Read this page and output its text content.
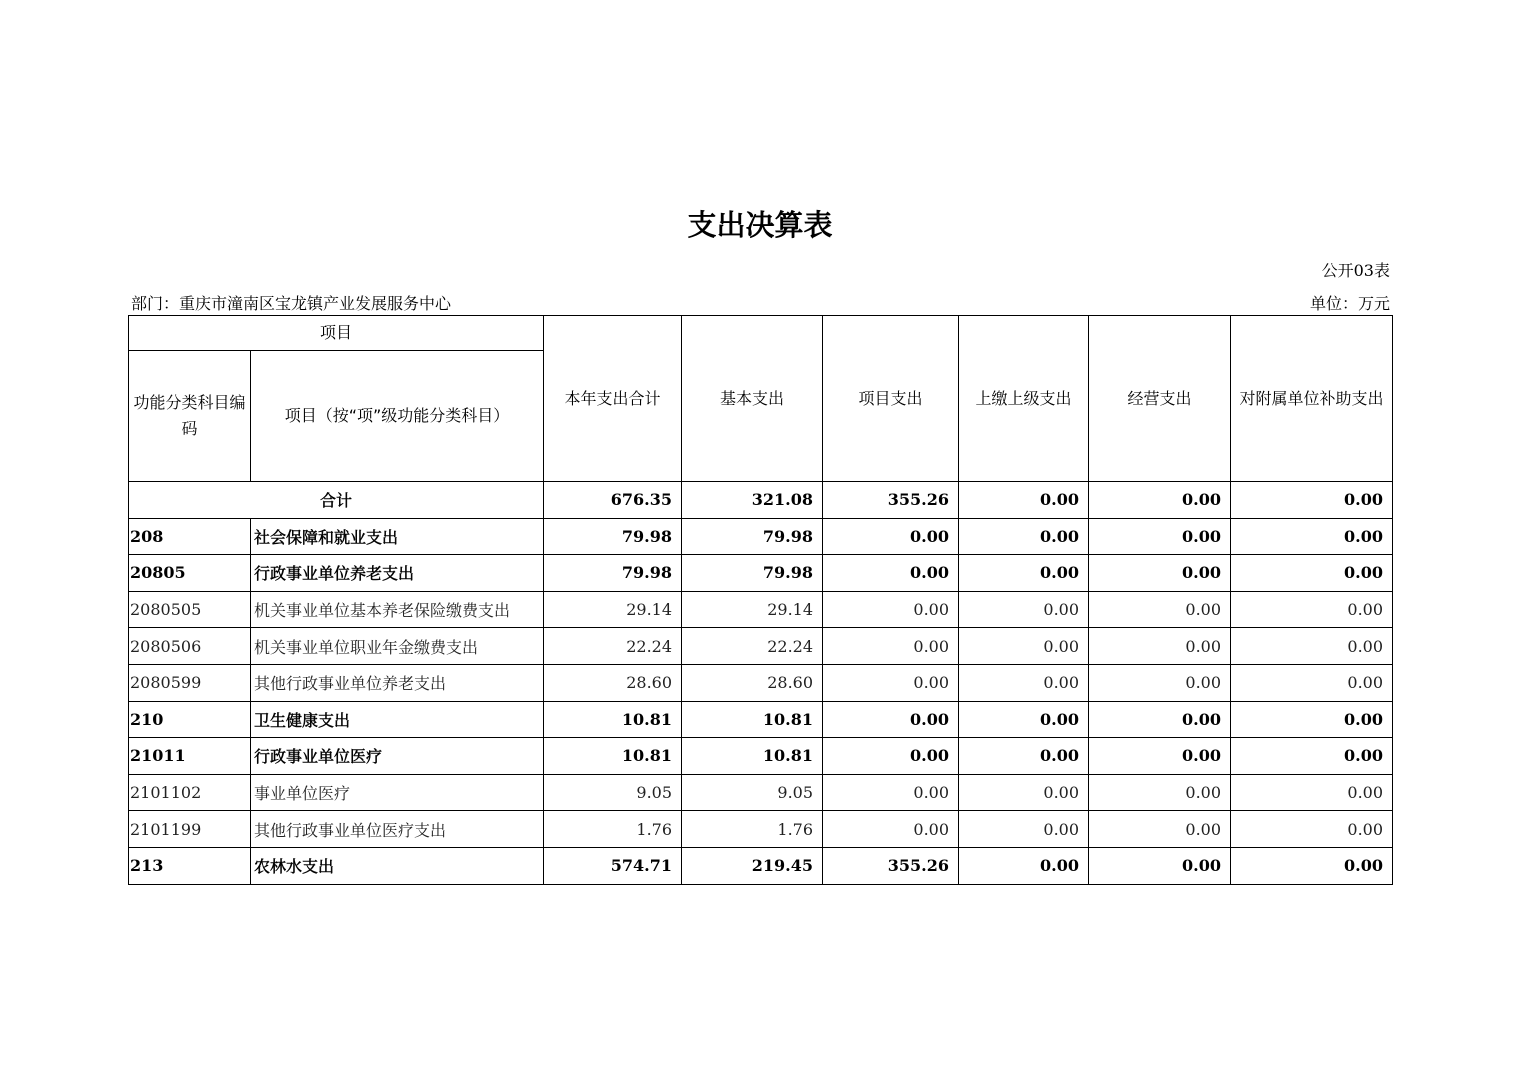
支出决算表
公开03表
部门：重庆市潼南区宝龙镇产业发展服务中心	单位：万元
项目		本年支出合计	基本支出	项目支出	上缴上级支出	经营支出	对附属单位补助支出
功能分类科目编码	项目（按“项”级功能分类科目）						
合计		676.35	321.08	355.26	0.00	0.00	0.00
208	社会保障和就业支出	79.98	79.98	0.00	0.00	0.00	0.00
20805	行政事业单位养老支出	79.98	79.98	0.00	0.00	0.00	0.00
2080505	机关事业单位基本养老保险缴费支出	29.14	29.14	0.00	0.00	0.00	0.00
2080506	机关事业单位职业年金缴费支出	22.24	22.24	0.00	0.00	0.00	0.00
2080599	其他行政事业单位养老支出	28.60	28.60	0.00	0.00	0.00	0.00
210	卫生健康支出	10.81	10.81	0.00	0.00	0.00	0.00
21011	行政事业单位医疗	10.81	10.81	0.00	0.00	0.00	0.00
2101102	事业单位医疗	9.05	9.05	0.00	0.00	0.00	0.00
2101199	其他行政事业单位医疗支出	1.76	1.76	0.00	0.00	0.00	0.00
213	农林水支出	574.71	219.45	355.26	0.00	0.00	0.00
